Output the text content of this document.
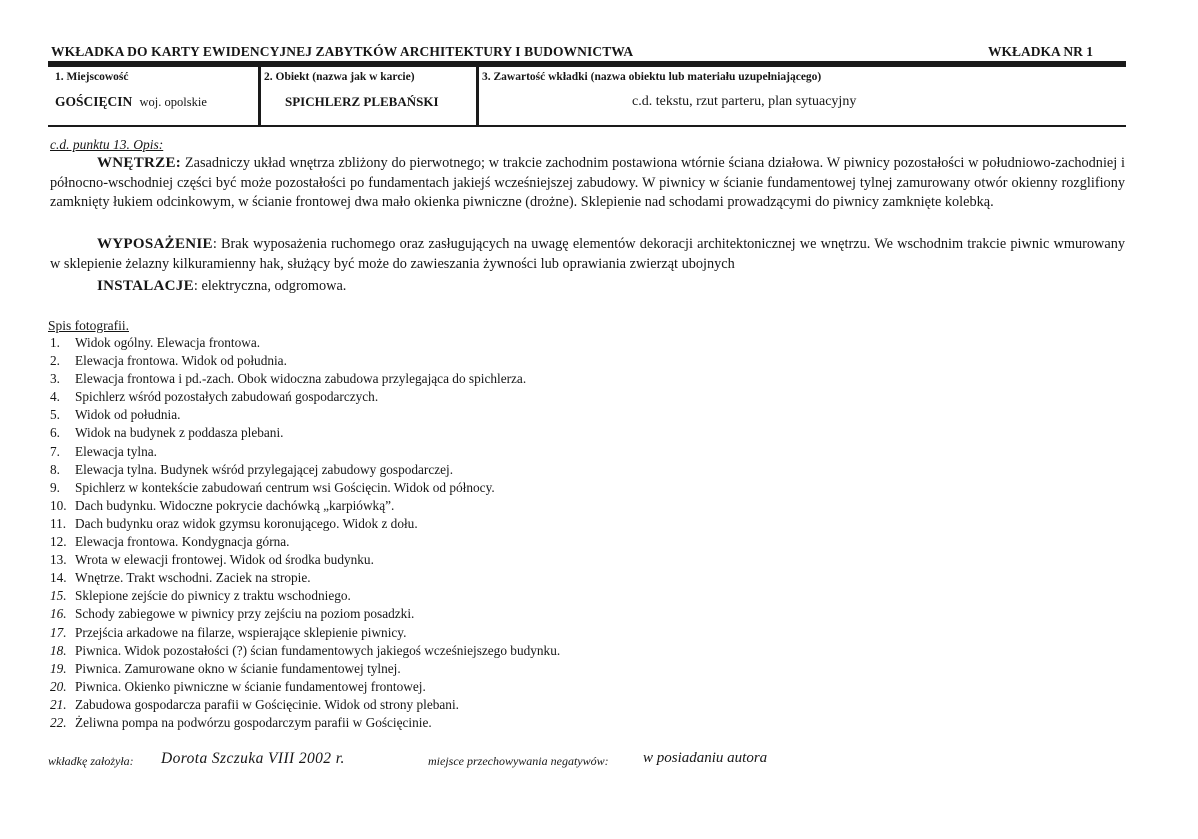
WKŁADKA DO KARTY EWIDENCYJNEJ ZABYTKÓW ARCHITEKTURY I BUDOWNICTWA	WKŁADKA NR 1
1. Miejscowość
GOŚCIĘCIN woj. opolskie
2. Obiekt (nazwa jak w karcie)
SPICHLERZ PLEBAŃSKI
3. Zawartość wkładki (nazwa obiektu lub materiału uzupełniającego)
c.d. tekstu, rzut parteru, plan sytuacyjny
c.d. punktu 13. Opis:
WNĘTRZE: Zasadniczy układ wnętrza zbliżony do pierwotnego; w trakcie zachodnim postawiona wtórnie ściana działowa. W piwnicy pozostałości w południowo-zachodniej i północno-wschodniej części być może pozostałości po fundamentach jakiejś wcześniejszej zabudowy. W piwnicy w ścianie fundamentowej tylnej zamurowany otwór okienny rozglifiony zamknięty łukiem odcinkowym, w ścianie frontowej dwa mało okienka piwniczne (drożne). Sklepienie nad schodami prowadzącymi do piwnicy zamknięte kolebką.
WYPOSAŻENIE: Brak wyposażenia ruchomego oraz zasługujących na uwagę elementów dekoracji architektonicznej we wnętrzu. We wschodnim trakcie piwnic wmurowany w sklepienie żelazny kilkuramienny hak, służący być może do zawieszania żywności lub oprawiania zwierząt ubojnych
INSTALACJE: elektryczna, odgromowa.
Spis fotografii.
1. Widok ogólny. Elewacja frontowa.
2. Elewacja frontowa. Widok od południa.
3. Elewacja frontowa i pd.-zach. Obok widoczna zabudowa przylegająca do spichlerza.
4. Spichlerz wśród pozostałych zabudowań gospodarczych.
5. Widok od południa.
6. Widok na budynek z poddasza plebani.
7. Elewacja tylna.
8. Elewacja tylna. Budynek wśród przylegającej zabudowy gospodarczej.
9. Spichlerz w kontekście zabudowań centrum wsi Gościęcin. Widok od północy.
10. Dach budynku. Widoczne pokrycie dachówką „karpiówką”.
11. Dach budynku oraz widok gzymsu koronującego. Widok z dołu.
12. Elewacja frontowa. Kondygnacja górna.
13. Wrota w elewacji frontowej. Widok od środka budynku.
14. Wnętrze. Trakt wschodni. Zaciek na stropie.
15. Sklepione zejście do piwnicy z traktu wschodniego.
16. Schody zabiegowe w piwnicy przy zejściu na poziom posadzki.
17. Przejścia arkadowe na filarze, wspierające sklepienie piwnicy.
18. Piwnica. Widok pozostałości (?) ścian fundamentowych jakiegoś wcześniejszego budynku.
19. Piwnica. Zamurowane okno w ścianie fundamentowej tylnej.
20. Piwnica. Okienko piwniczne w ścianie fundamentowej frontowej.
21. Zabudowa gospodarcza parafii w Gościęcinie. Widok od strony plebani.
22. Żeliwna pompa na podwórzu gospodarczym parafii w Gościęcinie.
wkładkę założyła: Dorota Szczuka VIII 2002 r.	miejsce przechowywania negatywów: w posiadaniu autora
